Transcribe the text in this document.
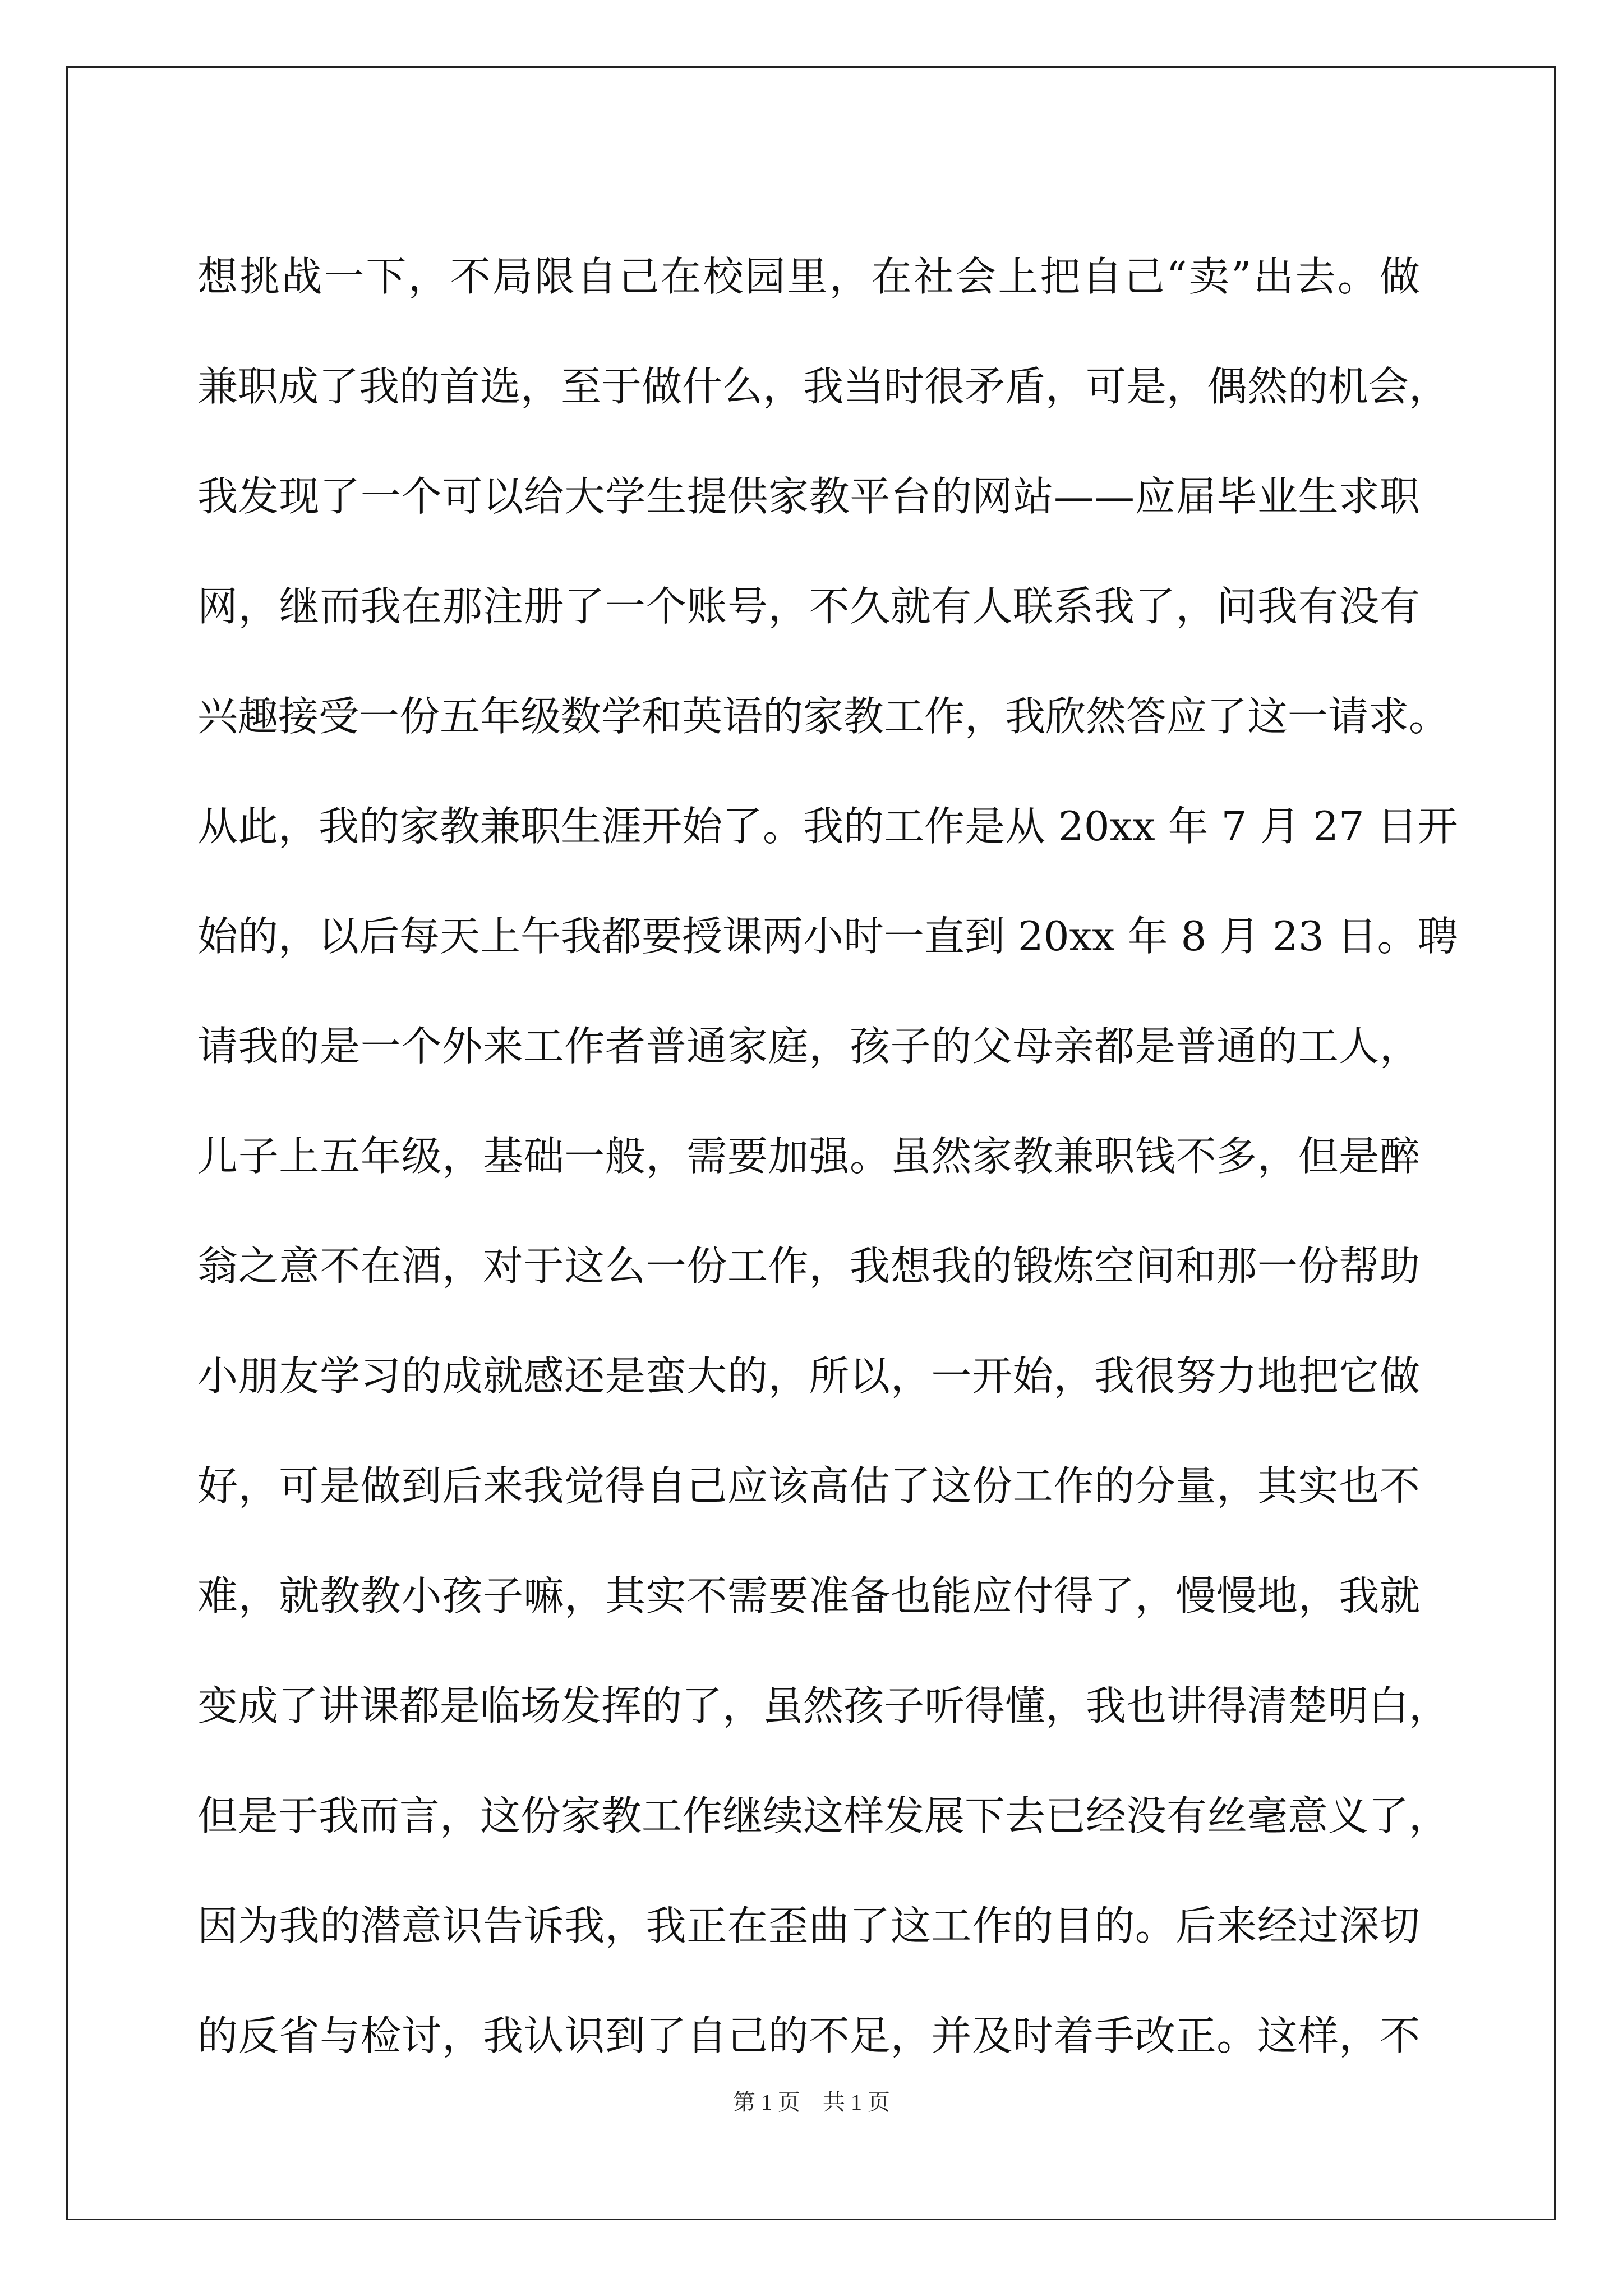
想挑战一下，不局限自己在校园里，在社会上把自己“卖”出去。做
兼职成了我的首选，至于做什么，我当时很矛盾，可是，偶然的机会，
我发现了一个可以给大学生提供家教平台的网站——应届毕业生求职
网，继而我在那注册了一个账号，不久就有人联系我了，问我有没有
兴趣接受一份五年级数学和英语的家教工作，我欣然答应了这一请求。
从此，我的家教兼职生涯开始了。我的工作是从 20xx 年 7 月 27 日开
始的，以后每天上午我都要授课两小时一直到 20xx 年 8 月 23 日。聘
请我的是一个外来工作者普通家庭，孩子的父母亲都是普通的工人，
儿子上五年级，基础一般，需要加强。虽然家教兼职钱不多，但是醉
翁之意不在酒，对于这么一份工作，我想我的锻炼空间和那一份帮助
小朋友学习的成就感还是蛮大的，所以，一开始，我很努力地把它做
好，可是做到后来我觉得自己应该高估了这份工作的分量，其实也不
难，就教教小孩子嘛，其实不需要准备也能应付得了，慢慢地，我就
变成了讲课都是临场发挥的了，虽然孩子听得懂，我也讲得清楚明白，
但是于我而言，这份家教工作继续这样发展下去已经没有丝毫意义了，
因为我的潜意识告诉我，我正在歪曲了这工作的目的。后来经过深切
的反省与检讨，我认识到了自己的不足，并及时着手改正。这样，不
第 1 页　共 1 页
